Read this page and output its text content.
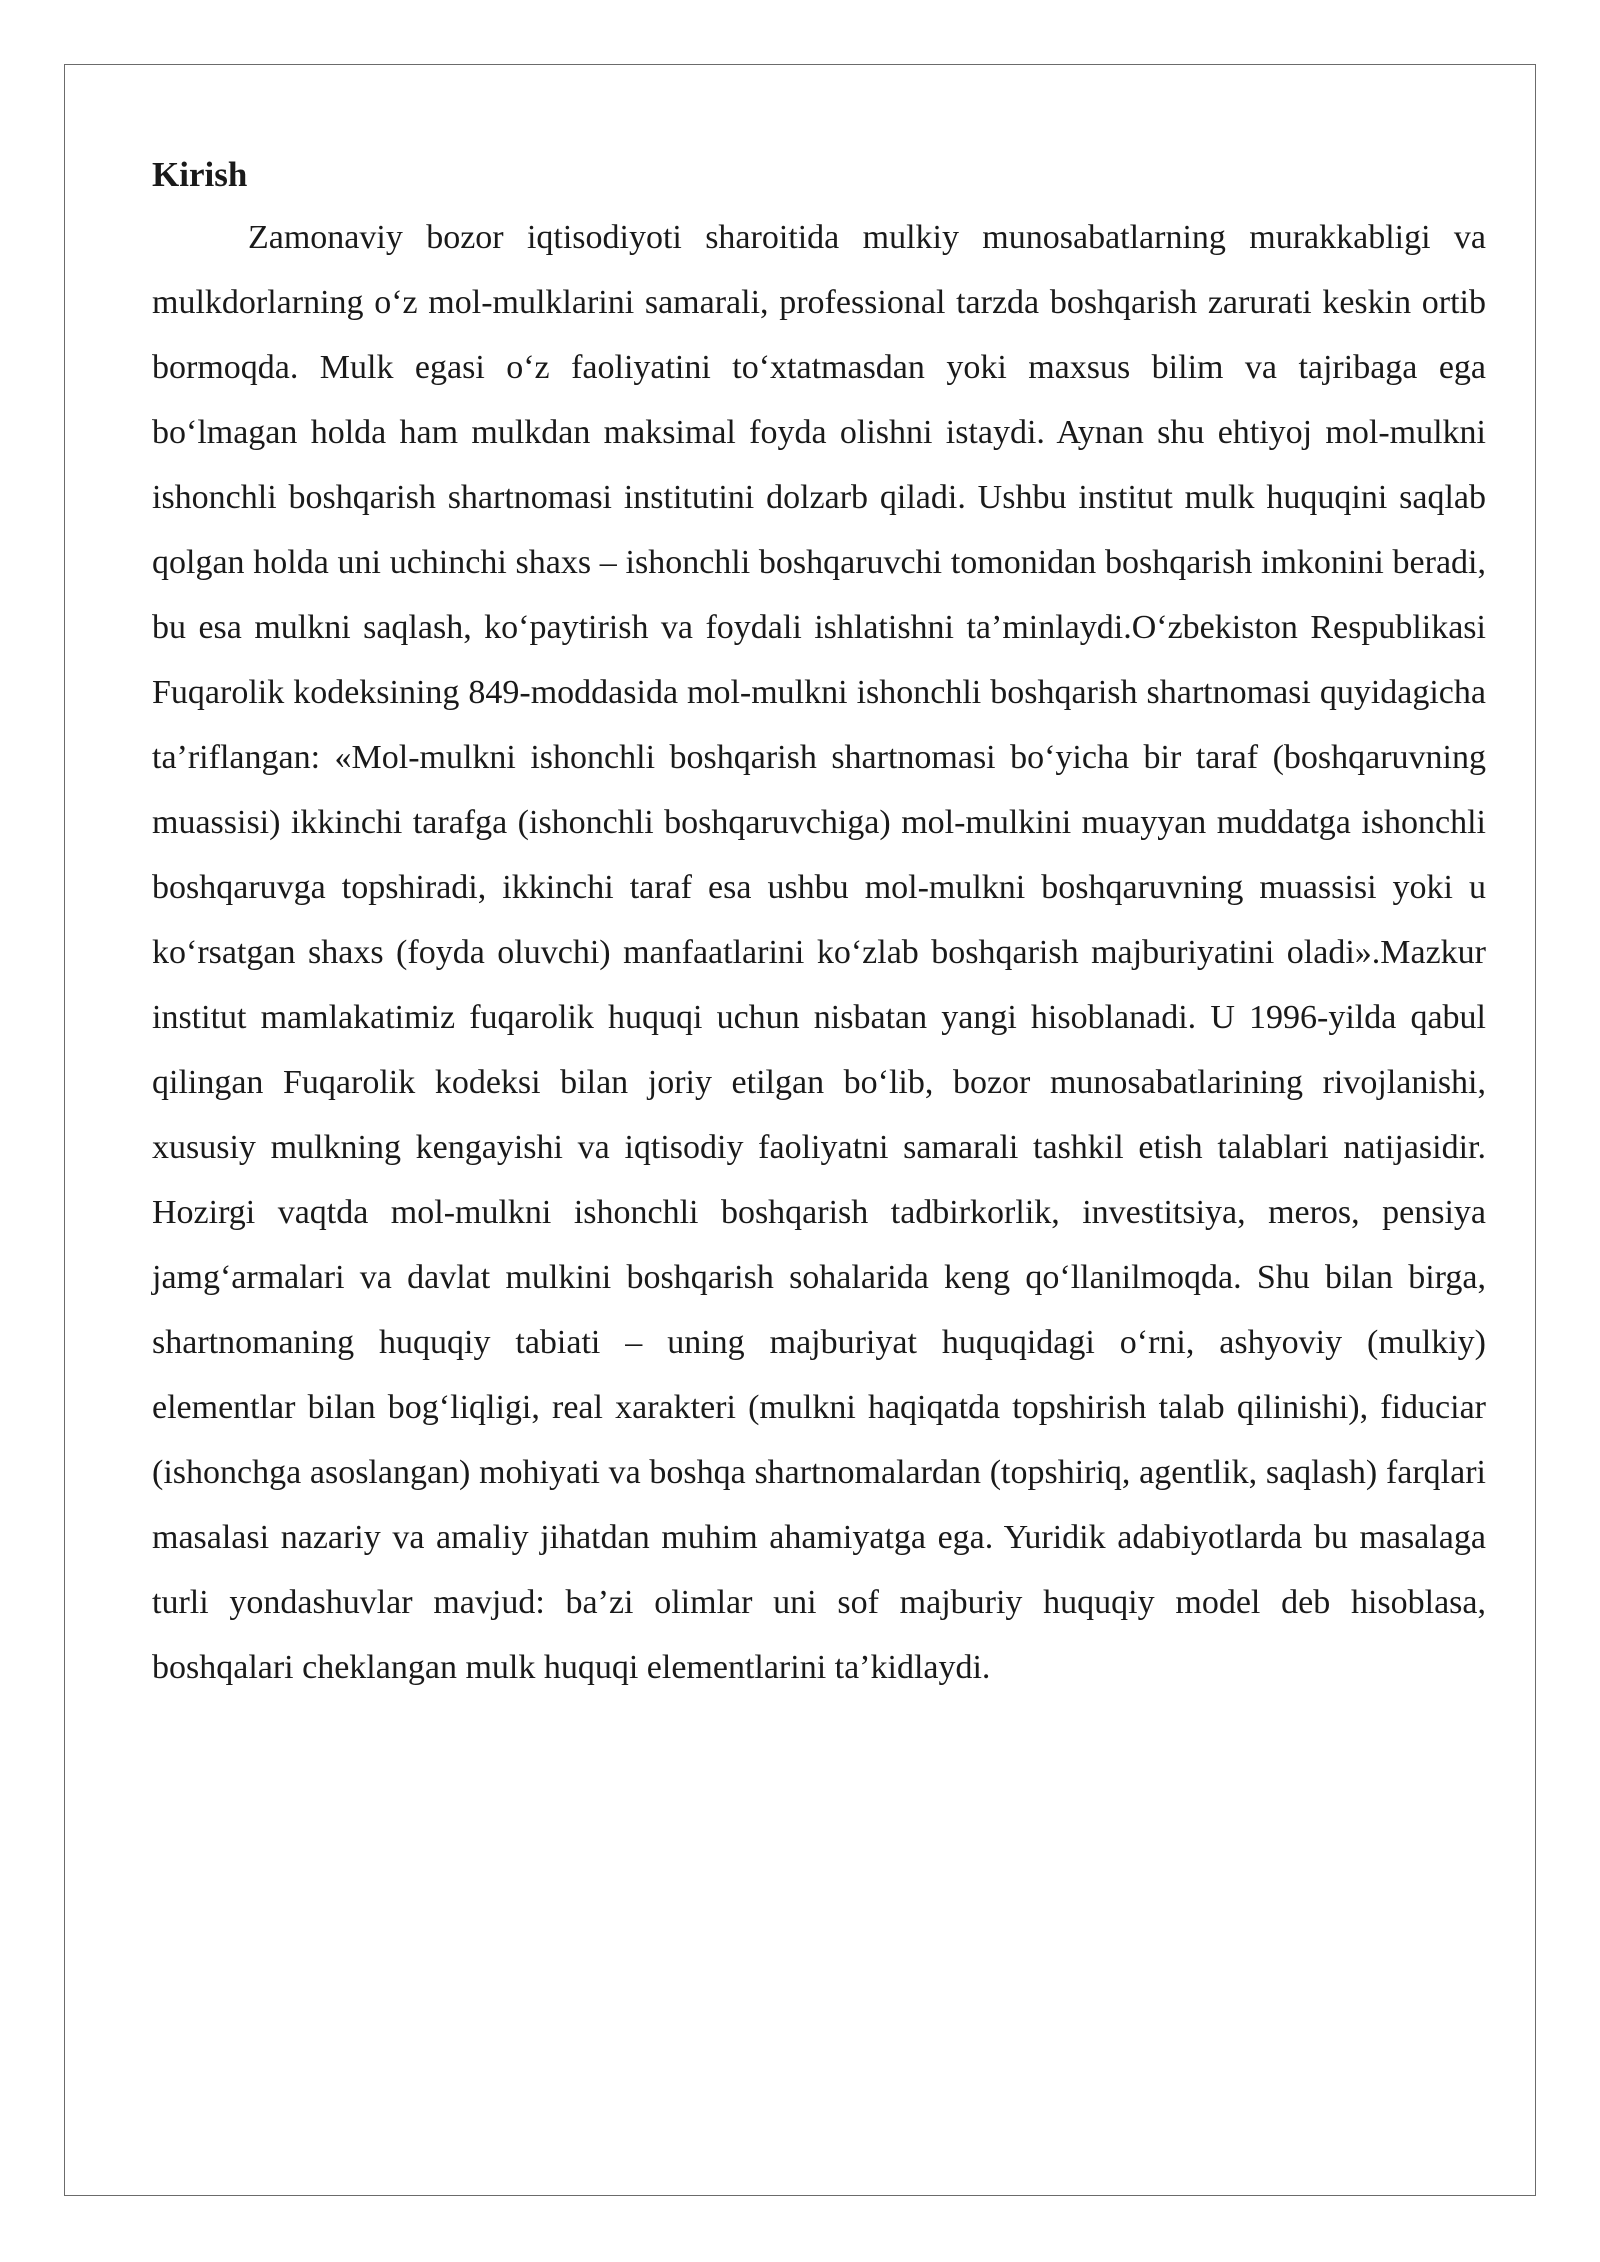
Kirish

Zamonaviy bozor iqtisodiyoti sharoitida mulkiy munosabatlarning murakkabligi va mulkdorlarning o‘z mol-mulklarini samarali, professional tarzda boshqarish zarurati keskin ortib bormoqda. Mulk egasi o‘z faoliyatini to‘xtatmasdan yoki maxsus bilim va tajribaga ega bo‘lmagan holda ham mulkdan maksimal foyda olishni istaydi. Aynan shu ehtiyoj mol-mulkni ishonchli boshqarish shartnomasi institutini dolzarb qiladi. Ushbu institut mulk huquqini saqlab qolgan holda uni uchinchi shaxs – ishonchli boshqaruvchi tomonidan boshqarish imkonini beradi, bu esa mulkni saqlash, ko‘paytirish va foydali ishlatishni ta’minlaydi.O‘zbekiston Respublikasi Fuqarolik kodeksining 849-moddasida mol-mulkni ishonchli boshqarish shartnomasi quyidagicha ta’riflangan: «Mol-mulkni ishonchli boshqarish shartnomasi bo‘yicha bir taraf (boshqaruvning muassisi) ikkinchi tarafga (ishonchli boshqaruvchiga) mol-mulkini muayyan muddatga ishonchli boshqaruvga topshiradi, ikkinchi taraf esa ushbu mol-mulkni boshqaruvning muassisi yoki u ko‘rsatgan shaxs (foyda oluvchi) manfaatlarini ko‘zlab boshqarish majburiyatini oladi».Mazkur institut mamlakatimiz fuqarolik huquqi uchun nisbatan yangi hisoblanadi. U 1996-yilda qabul qilingan Fuqarolik kodeksi bilan joriy etilgan bo‘lib, bozor munosabatlarining rivojlanishi, xususiy mulkning kengayishi va iqtisodiy faoliyatni samarali tashkil etish talablari natijasidir. Hozirgi vaqtda mol-mulkni ishonchli boshqarish tadbirkorlik, investitsiya, meros, pensiya jamg‘armalari va davlat mulkini boshqarish sohalarida keng qo‘llanilmoqda. Shu bilan birga, shartnomaning huquqiy tabiati – uning majburiyat huquqidagi o‘rni, ashyoviy (mulkiy) elementlar bilan bog‘liqligi, real xarakteri (mulkni haqiqatda topshirish talab qilinishi), fiduciar (ishonchga asoslangan) mohiyati va boshqa shartnomalardan (topshiriq, agentlik, saqlash) farqlari masalasi nazariy va amaliy jihatdan muhim ahamiyatga ega. Yuridik adabiyotlarda bu masalaga turli yondashuvlar mavjud: ba’zi olimlar uni sof majburiy huquqiy model deb hisoblasa, boshqalari cheklangan mulk huquqi elementlarini ta’kidlaydi.
